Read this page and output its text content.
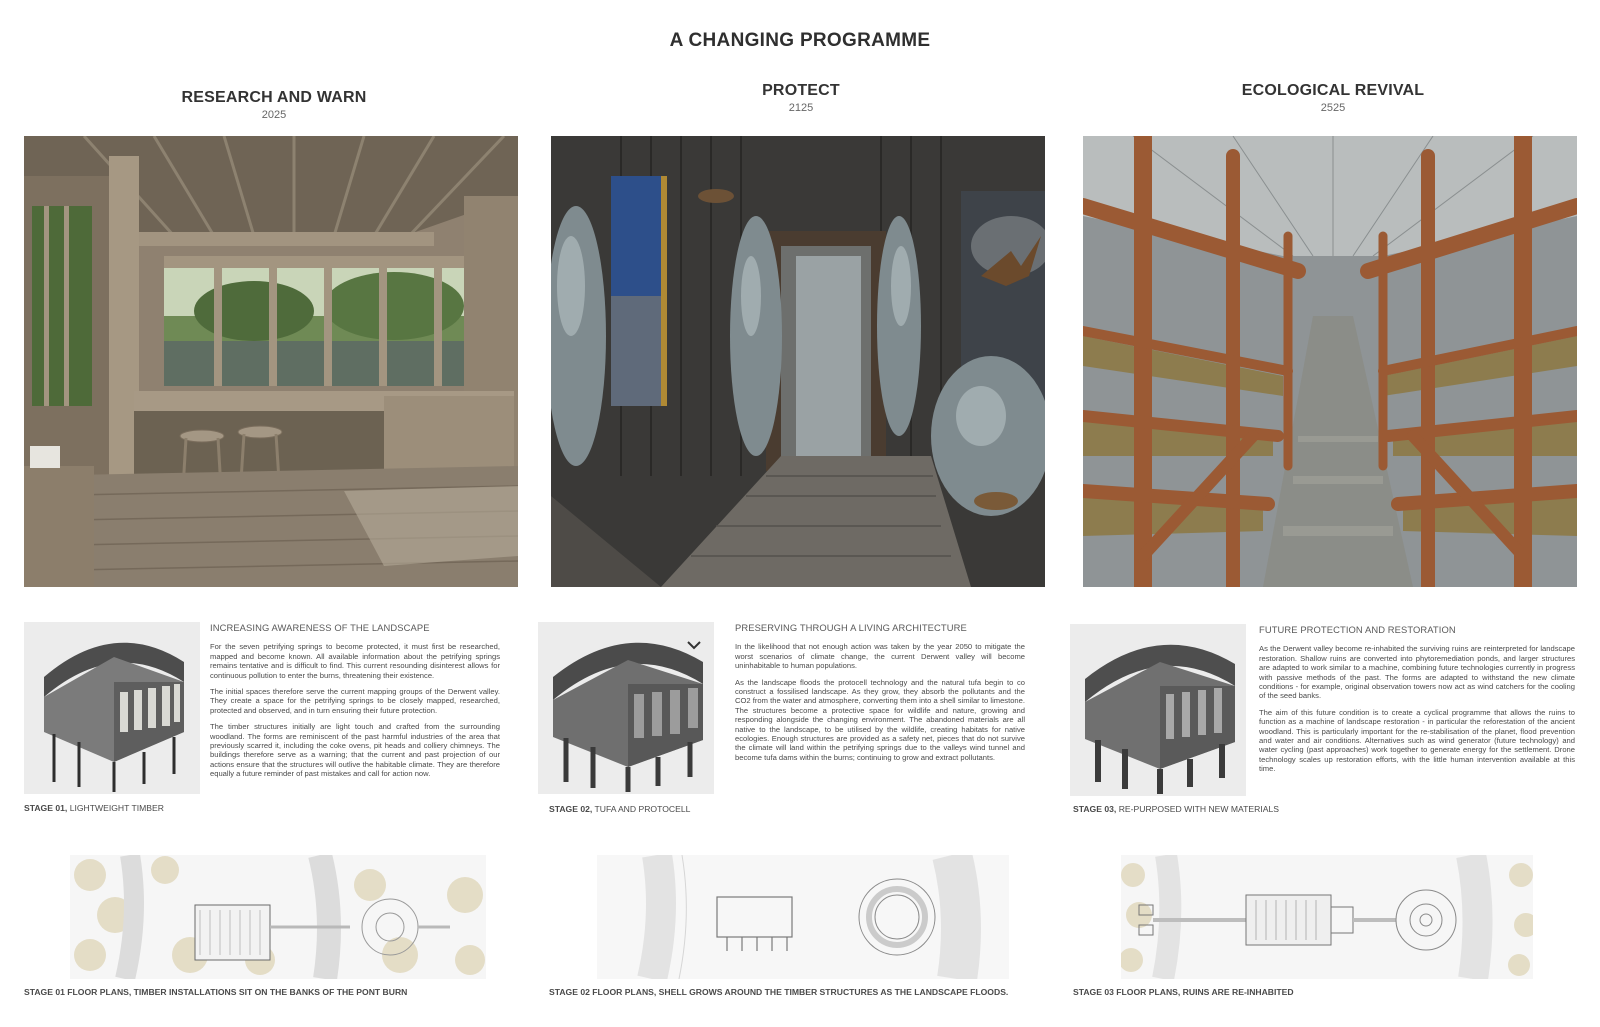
A CHANGING PROGRAMME
RESEARCH AND WARN
2025
INCREASING AWARENESS OF THE LANDSCAPE

For the seven petrifying springs to become protected, it must first be researched, mapped and become known. All available information about the petrifying springs remains tentative and is difficult to find. This current resounding disinterest allows for continuous pollution to enter the burns, threatening their existence.

The initial spaces therefore serve the current mapping groups of the Derwent valley. They create a space for the petrifying springs to be closely mapped, researched, protected and observed, and in turn ensuring their future protection.

The timber structures initially are light touch and crafted from the surrounding woodland. The forms are reminiscent of the past harmful industries of the area that previously scarred it, including the coke ovens, pit heads and colliery chimneys. The buildings therefore serve as a warning; that the current and past projection of our actions ensure that the structures will outlive the habitable climate. They are therefore equally a future reminder of past mistakes and call for action now.

STAGE 01, LIGHTWEIGHT TIMBER
STAGE 01 FLOOR PLANS, TIMBER INSTALLATIONS SIT ON THE BANKS OF THE PONT BURN
PROTECT
2125
PRESERVING THROUGH A LIVING ARCHITECTURE

In the likelihood that not enough action was taken by the year 2050 to mitigate the worst scenarios of climate change, the current Derwent valley will become uninhabitable to human populations.

As the landscape floods the protocell technology and the natural tufa begin to co construct a fossilised landscape. As they grow, they absorb the pollutants and the CO2 from the water and atmosphere, converting them into a shell similar to limestone. The structures become a protective space for wildlife and nature, growing and responding alongside the changing environment. The abandoned materials are all native to the landscape, to be utilised by the wildlife, creating habitats for native ecologies. Enough structures are provided as a safety net, pieces that do not survive the climate will land within the petrifying springs due to the valleys wind tunnel and become tufa dams within the burns; continuing to grow and extract pollutants.

STAGE 02, TUFA AND PROTOCELL
STAGE 02 FLOOR PLANS, SHELL GROWS AROUND THE TIMBER STRUCTURES AS THE LANDSCAPE FLOODS.
ECOLOGICAL REVIVAL
2525
FUTURE PROTECTION AND RESTORATION

As the Derwent valley become re-inhabited the surviving ruins are reinterpreted for landscape restoration. Shallow ruins are converted into phytoremediation ponds, and larger structures are adapted to work similar to a machine, combining future technologies currently in progress with passive methods of the past. The forms are adapted to withstand the new climate conditions - for example, original observation towers now act as wind catchers for the cooling of the seed banks.

The aim of this future condition is to create a cyclical programme that allows the ruins to function as a machine of landscape restoration - in particular the reforestation of the ancient woodland. This is particularly important for the re-stabilisation of the planet, flood prevention and water and air conditions. Alternatives such as wind generator (future technology) and water cycling (past approaches) work together to generate energy for the settlement. Drone technology scales up restoration efforts, with the little human intervention available at this time.

STAGE 03, RE-PURPOSED WITH NEW MATERIALS
STAGE 03 FLOOR PLANS, RUINS ARE RE-INHABITED
